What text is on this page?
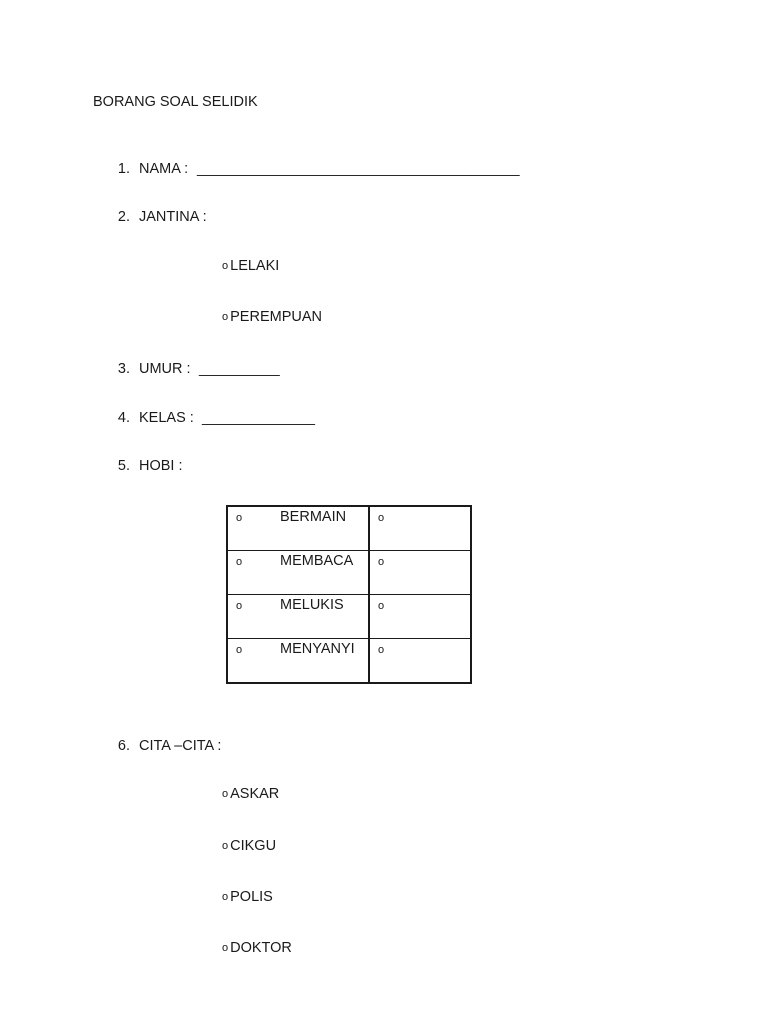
BORANG SOAL SELIDIK
1. NAMA : ________________________________________
2. JANTINA :
o LELAKI
o PEREMPUAN
3. UMUR : __________
4. KELAS : ______________
5. HOBI :
o BERMAIN	o

o MEMBACA	o

o MELUKIS	o

o MENYANYI	o
6. CITA –CITA :
o ASKAR
o CIKGU
o POLIS
o DOKTOR
